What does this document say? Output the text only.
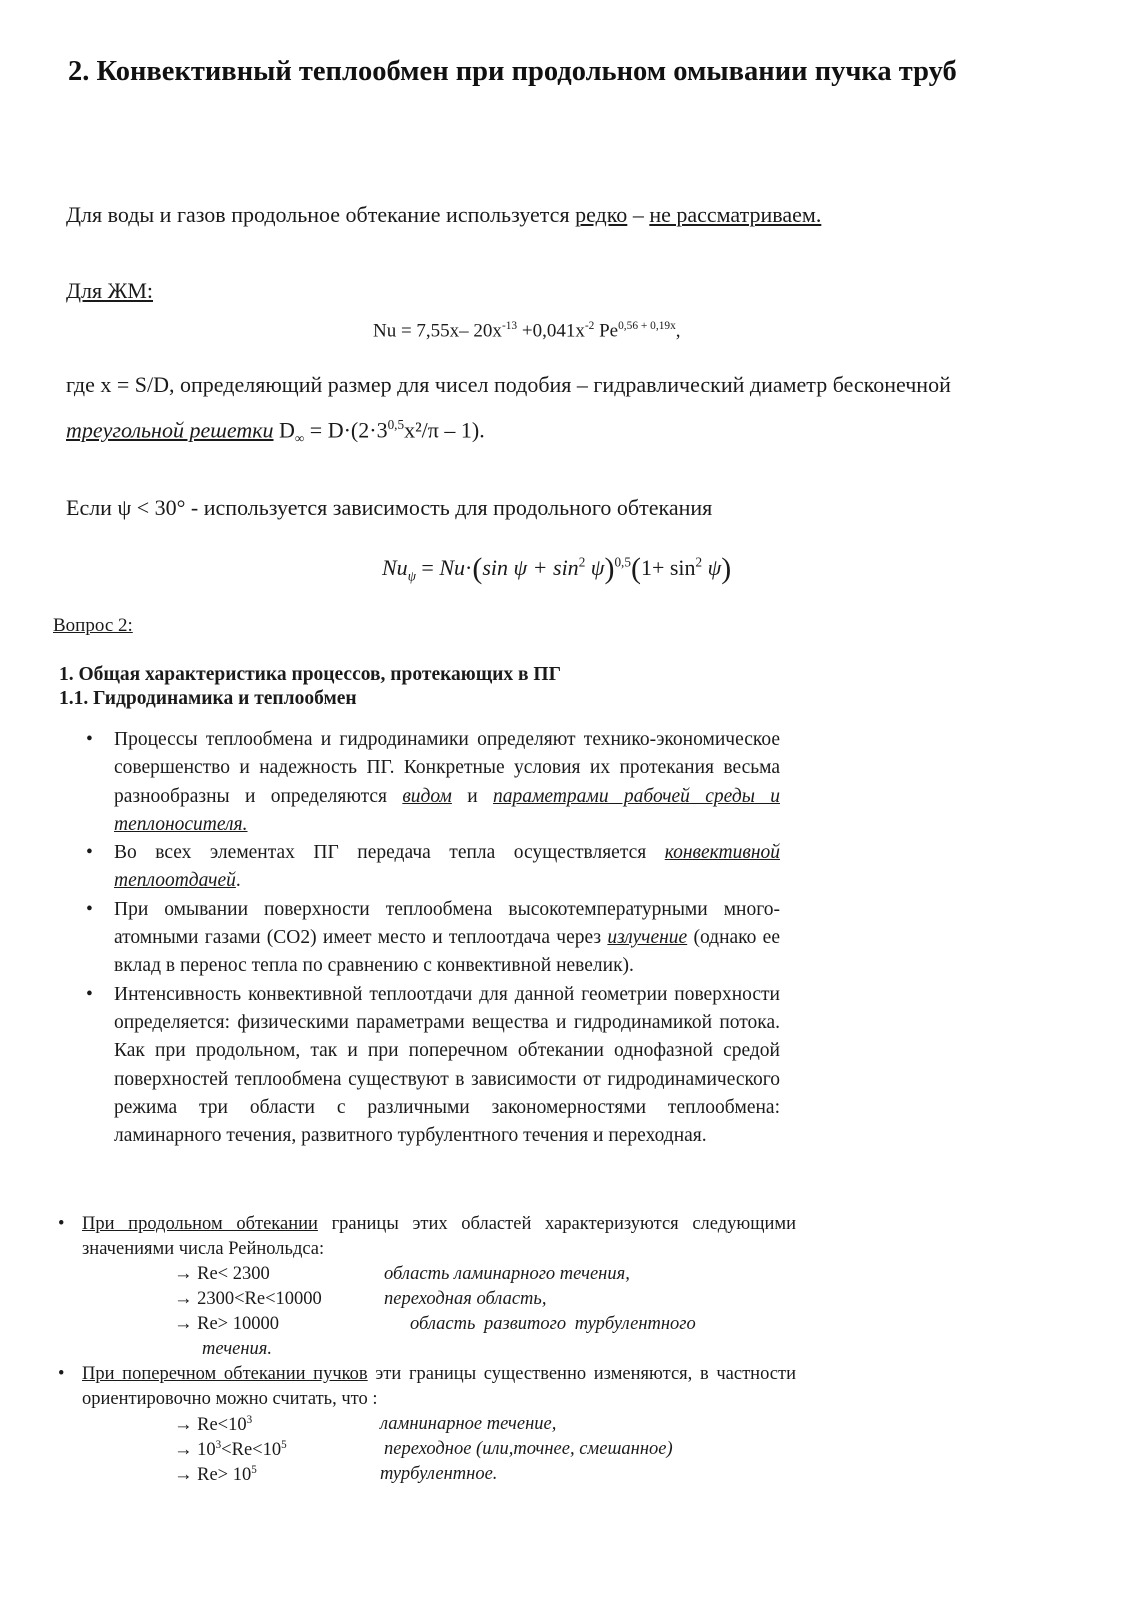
2. Конвективный теплообмен при продольном омывании пучка труб
Для воды и газов продольное обтекание используется редко – не рассматриваем.
Для ЖМ:
Nu = 7,55x– $20x^{-13} +0,041x^{-2}$ $Pe^{0,56 + 0,19x}$,
где x = S/D, определяющий размер для чисел подобия – гидравлический диаметр бесконечной
треугольной решетки $D_\infty = D\cdot(2\cdot 3^{0,5}x^2/\pi - 1)$.
Если ψ < 30° - используется зависимость для продольного обтекания
$Nu_\psi = Nu\cdot(\sin$ $\psi + \sin^2 \psi)^{0,5}(1+ \sin^2 \psi)$
Вопрос 2:
1. Общая характеристика процессов, протекающих в ПГ
1.1. Гидродинамика и теплообмен
• Процессы теплообмена и гидродинамики определяют технико-экономическое совершенство и надежность ПГ. Конкретные условия их протекания весьма разнообразны и определяются видом и параметрами рабочей среды и теплоносителя.
• Во всех элементах ПГ передача тепла осуществляется конвективной теплоотдачей.
• При омывании поверхности теплообмена высокотемпературными много-атомными газами (СО2) имеет место и теплоотдача через излучение (однако ее вклад в перенос тепла по сравнению с конвективной невелик).
• Интенсивность конвективной теплоотдачи для данной геометрии поверхности определяется: физическими параметрами вещества и гидродинамикой потока. Как при продольном, так и при поперечном обтекании однофазной средой поверхностей теплообмена существуют в зависимости от гидродинамического режима три области с различными закономерностями теплообмена: ламинарного течения, развитного турбулентного течения и переходная.
• При продольном обтекании границы этих областей характеризуются следующими значениями числа Рейнольдса:
→ Re< 2300	область ламинарного течения,
→ 2300<Re<10000	переходная область,
→ Re> 10000	область развитого турбулентного
течения.
• При поперечном обтекании пучков эти границы существенно изменяются, в частности ориентировочно можно считать, что :
→ $Re<10^3$	ламнинарное течение,
→ $10^3<Re<10^5$	переходное (или,точнее, смешанное)
→ $Re> 10^5$	турбулентное.
